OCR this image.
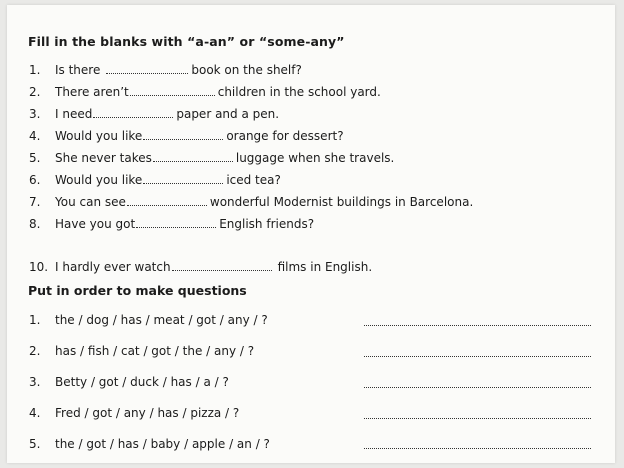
Fill in the blanks with “a-an” or “some-any”
1. Is there	book on the shelf?
2. There aren’t	children in the school yard.
3. I need	paper and a pen.
4. Would you like	orange for dessert?
5. She never takes	luggage when she travels.
6. Would you like	iced tea?
7. You can see	wonderful Modernist buildings in Barcelona.
8. Have you got	English friends?
10. I hardly ever watch	films in English.
Put in order to make questions
1. the / dog / has / meat / got / any / ?
2. has / fish / cat / got / the / any / ?
3. Betty / got / duck / has / a / ?
4. Fred / got / any / has / pizza / ?
5. the / got / has / baby / apple / an / ?
